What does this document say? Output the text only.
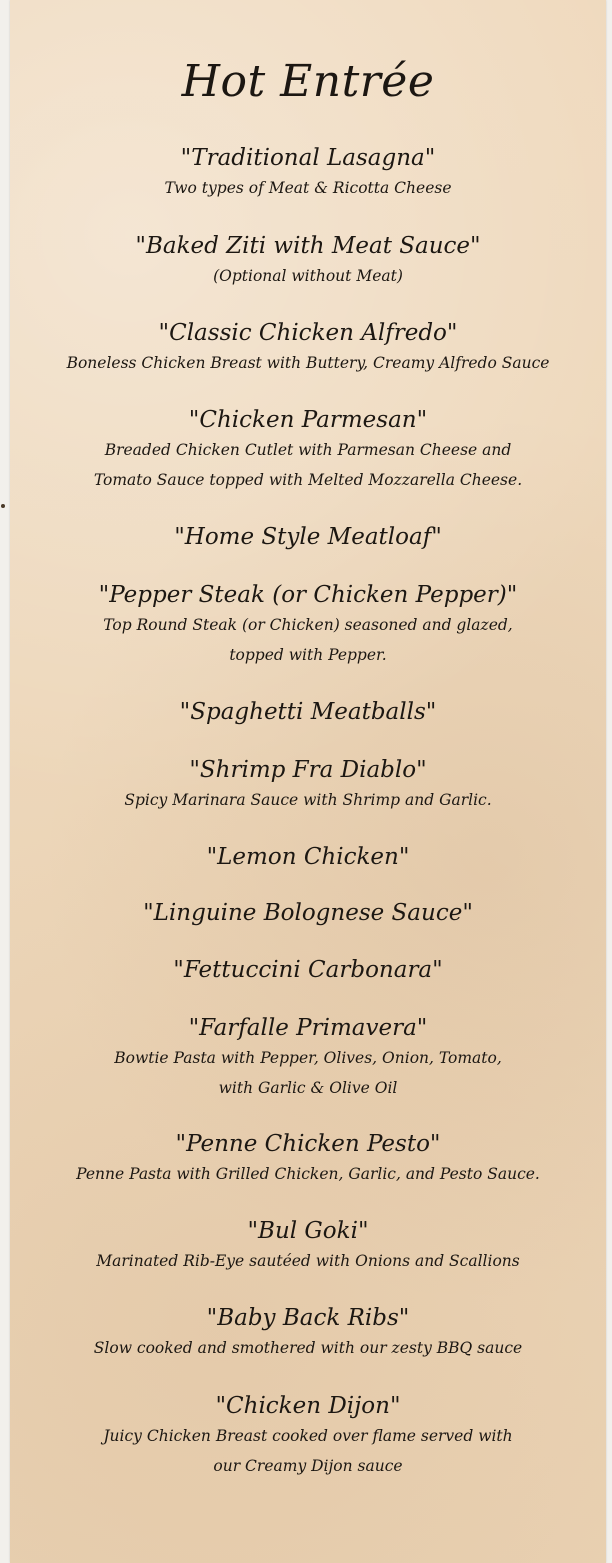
Hot Entrée
"Traditional Lasagna"
Two types of Meat & Ricotta Cheese
"Baked Ziti with Meat Sauce"
(Optional without Meat)
"Classic Chicken Alfredo"
Boneless Chicken Breast with Buttery, Creamy Alfredo Sauce
"Chicken Parmesan"
Breaded Chicken Cutlet with Parmesan Cheese and
Tomato Sauce topped with Melted Mozzarella Cheese.
"Home Style Meatloaf"
"Pepper Steak (or Chicken Pepper)"
Top Round Steak (or Chicken) seasoned and glazed,
topped with Pepper.
"Spaghetti Meatballs"
"Shrimp Fra Diablo"
Spicy Marinara Sauce with Shrimp and Garlic.
"Lemon Chicken"
"Linguine Bolognese Sauce"
"Fettuccini Carbonara"
"Farfalle Primavera"
Bowtie Pasta with Pepper, Olives, Onion, Tomato,
with Garlic & Olive Oil
"Penne Chicken Pesto"
Penne Pasta with Grilled Chicken, Garlic, and Pesto Sauce.
"Bul Goki"
Marinated Rib-Eye sautéed with Onions and Scallions
"Baby Back Ribs"
Slow cooked and smothered with our zesty BBQ sauce
"Chicken Dijon"
Juicy Chicken Breast cooked over flame served with
our Creamy Dijon sauce
